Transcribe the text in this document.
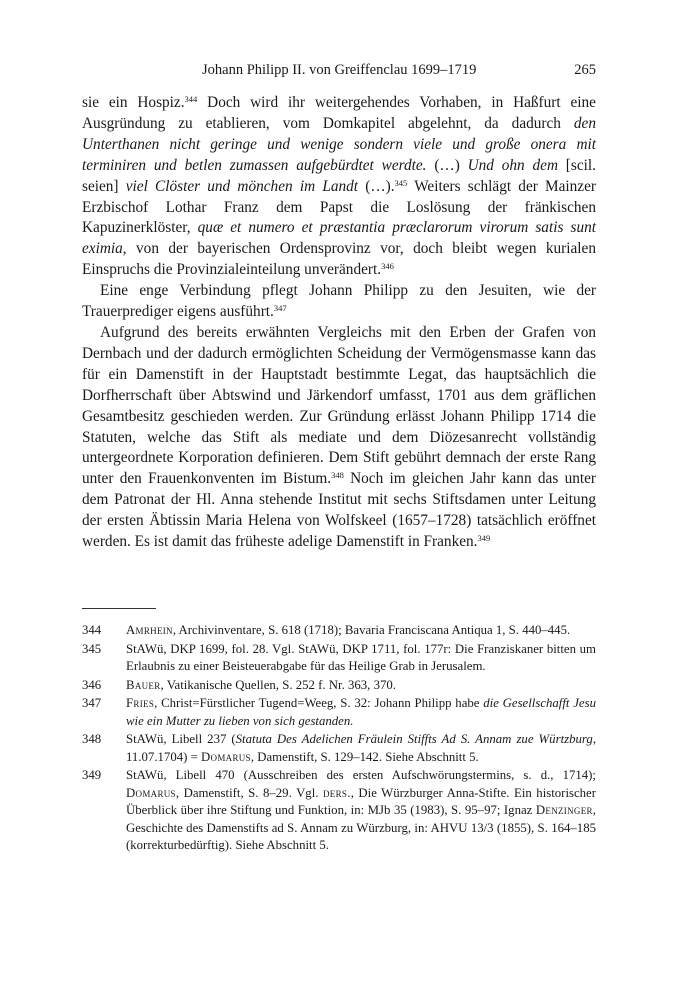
Johann Philipp II. von Greiffenclau 1699–1719	265

sie ein Hospiz.$^{344}$ Doch wird ihr weitergehendes Vorhaben, in Haßfurt eine Ausgründung zu etablieren, vom Domkapitel abgelehnt, da dadurch den Unterthanen nicht geringe und wenige sondern viele und große onera mit terminiren und betlen zumassen aufgebürdtet werdte. (…) Und ohn dem [scil. seien] viel Clöster und mönchen im Landt (…).$^{345}$ Weiters schlägt der Mainzer Erzbischof Lothar Franz dem Papst die Loslösung der fränkischen Kapuzinerklöster, quæ et numero et præstantia præclarorum virorum satis sunt eximia, von der bayerischen Ordensprovinz vor, doch bleibt wegen kurialen Einspruchs die Provinzialeinteilung unverändert.$^{346}$

Eine enge Verbindung pflegt Johann Philipp zu den Jesuiten, wie der Trauerprediger eigens ausführt.$^{347}$

Aufgrund des bereits erwähnten Vergleichs mit den Erben der Grafen von Dernbach und der dadurch ermöglichten Scheidung der Vermögensmasse kann das für ein Damenstift in der Hauptstadt bestimmte Legat, das hauptsächlich die Dorfherrschaft über Abtswind und Järkendorf umfasst, 1701 aus dem gräflichen Gesamtbesitz geschieden werden. Zur Gründung erlässt Johann Philipp 1714 die Statuten, welche das Stift als mediate und dem Diözesanrecht vollständig untergeordnete Korporation definieren. Dem Stift gebührt demnach der erste Rang unter den Frauenkonventen im Bistum.$^{348}$ Noch im gleichen Jahr kann das unter dem Patronat der Hl. Anna stehende Institut mit sechs Stiftsdamen unter Leitung der ersten Äbtissin Maria Helena von Wolfskeel (1657–1728) tatsächlich eröffnet werden. Es ist damit das früheste adelige Damenstift in Franken.$^{349}$

344 Amrhein, Archivinventare, S. 618 (1718); Bavaria Franciscana Antiqua 1, S. 440–445.
345 StAWü, DKP 1699, fol. 28. Vgl. StAWü, DKP 1711, fol. 177r: Die Franziskaner bitten um Erlaubnis zu einer Beisteuerabgabe für das Heilige Grab in Jerusalem.
346 Bauer, Vatikanische Quellen, S. 252 f. Nr. 363, 370.
347 Fries, Christ=Fürstlicher Tugend=Weeg, S. 32: Johann Philipp habe die Gesellschafft Jesu wie ein Mutter zu lieben von sich gestanden.
348 StAWü, Libell 237 (Statuta Des Adelichen Fräulein Stiffts Ad S. Annam zue Würtzburg, 11.07.1704) = Domarus, Damenstift, S. 129–142. Siehe Abschnitt 5.
349 StAWü, Libell 470 (Ausschreiben des ersten Aufschwörungstermins, s. d., 1714); Domarus, Damenstift, S. 8–29. Vgl. ders., Die Würzburger Anna-Stifte. Ein historischer Überblick über ihre Stiftung und Funktion, in: MJb 35 (1983), S. 95–97; Ignaz Denzinger, Geschichte des Damenstifts ad S. Annam zu Würzburg, in: AHVU 13/3 (1855), S. 164–185 (korrekturbedürftig). Siehe Abschnitt 5.
